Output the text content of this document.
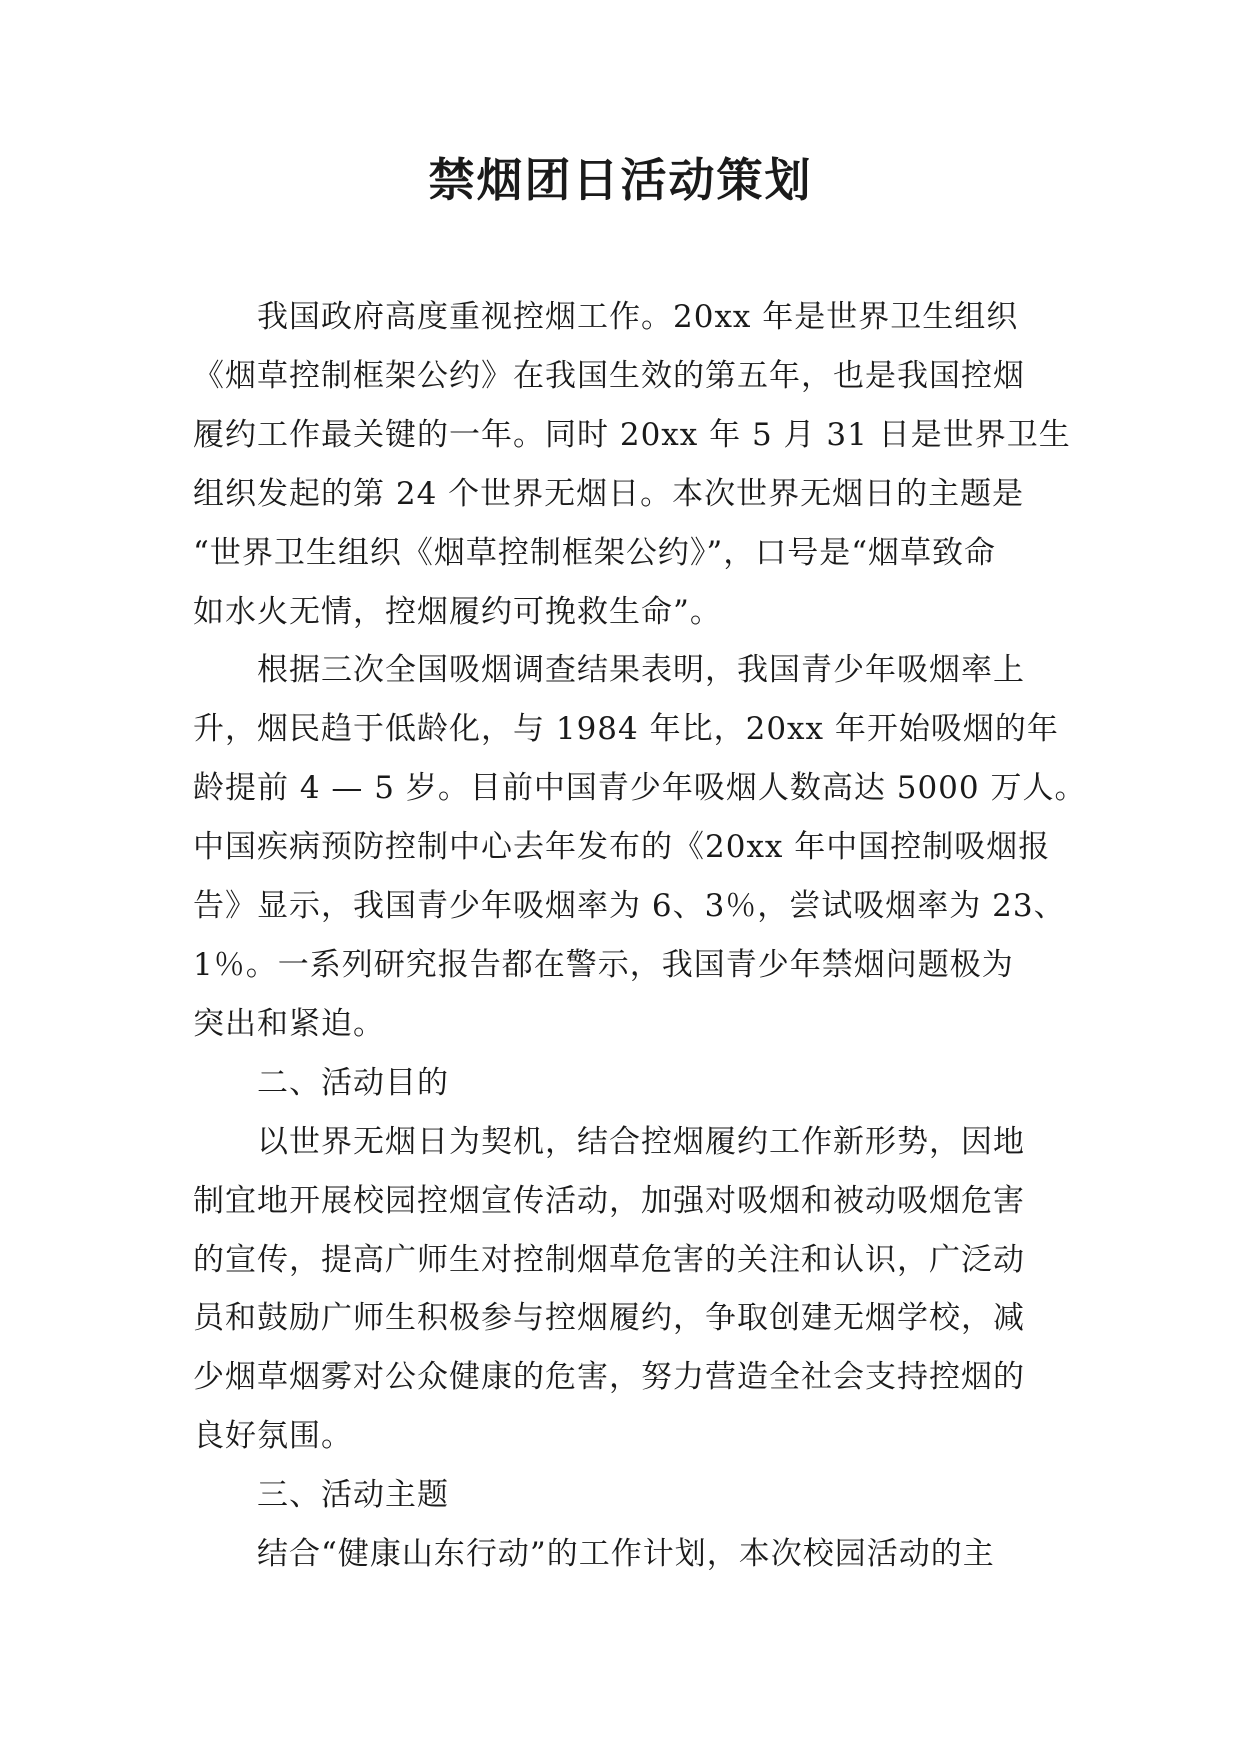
禁烟团日活动策划

我国政府高度重视控烟工作。20xx 年是世界卫生组织
《烟草控制框架公约》在我国生效的第五年，也是我国控烟
履约工作最关键的一年。同时 20xx 年 5 月 31 日是世界卫生
组织发起的第 24 个世界无烟日。本次世界无烟日的主题是
“世界卫生组织《烟草控制框架公约》”，口号是“烟草致命
如水火无情，控烟履约可挽救生命”。

根据三次全国吸烟调查结果表明，我国青少年吸烟率上
升，烟民趋于低龄化，与 1984 年比，20xx 年开始吸烟的年
龄提前 4 — 5 岁。目前中国青少年吸烟人数高达 5000 万人。
中国疾病预防控制中心去年发布的《20xx 年中国控制吸烟报
告》显示，我国青少年吸烟率为 6、3％，尝试吸烟率为 23、
1％。一系列研究报告都在警示，我国青少年禁烟问题极为
突出和紧迫。

二、活动目的

以世界无烟日为契机，结合控烟履约工作新形势，因地
制宜地开展校园控烟宣传活动，加强对吸烟和被动吸烟危害
的宣传，提高广师生对控制烟草危害的关注和认识，广泛动
员和鼓励广师生积极参与控烟履约，争取创建无烟学校，减
少烟草烟雾对公众健康的危害，努力营造全社会支持控烟的
良好氛围。

三、活动主题

结合“健康山东行动”的工作计划，本次校园活动的主
